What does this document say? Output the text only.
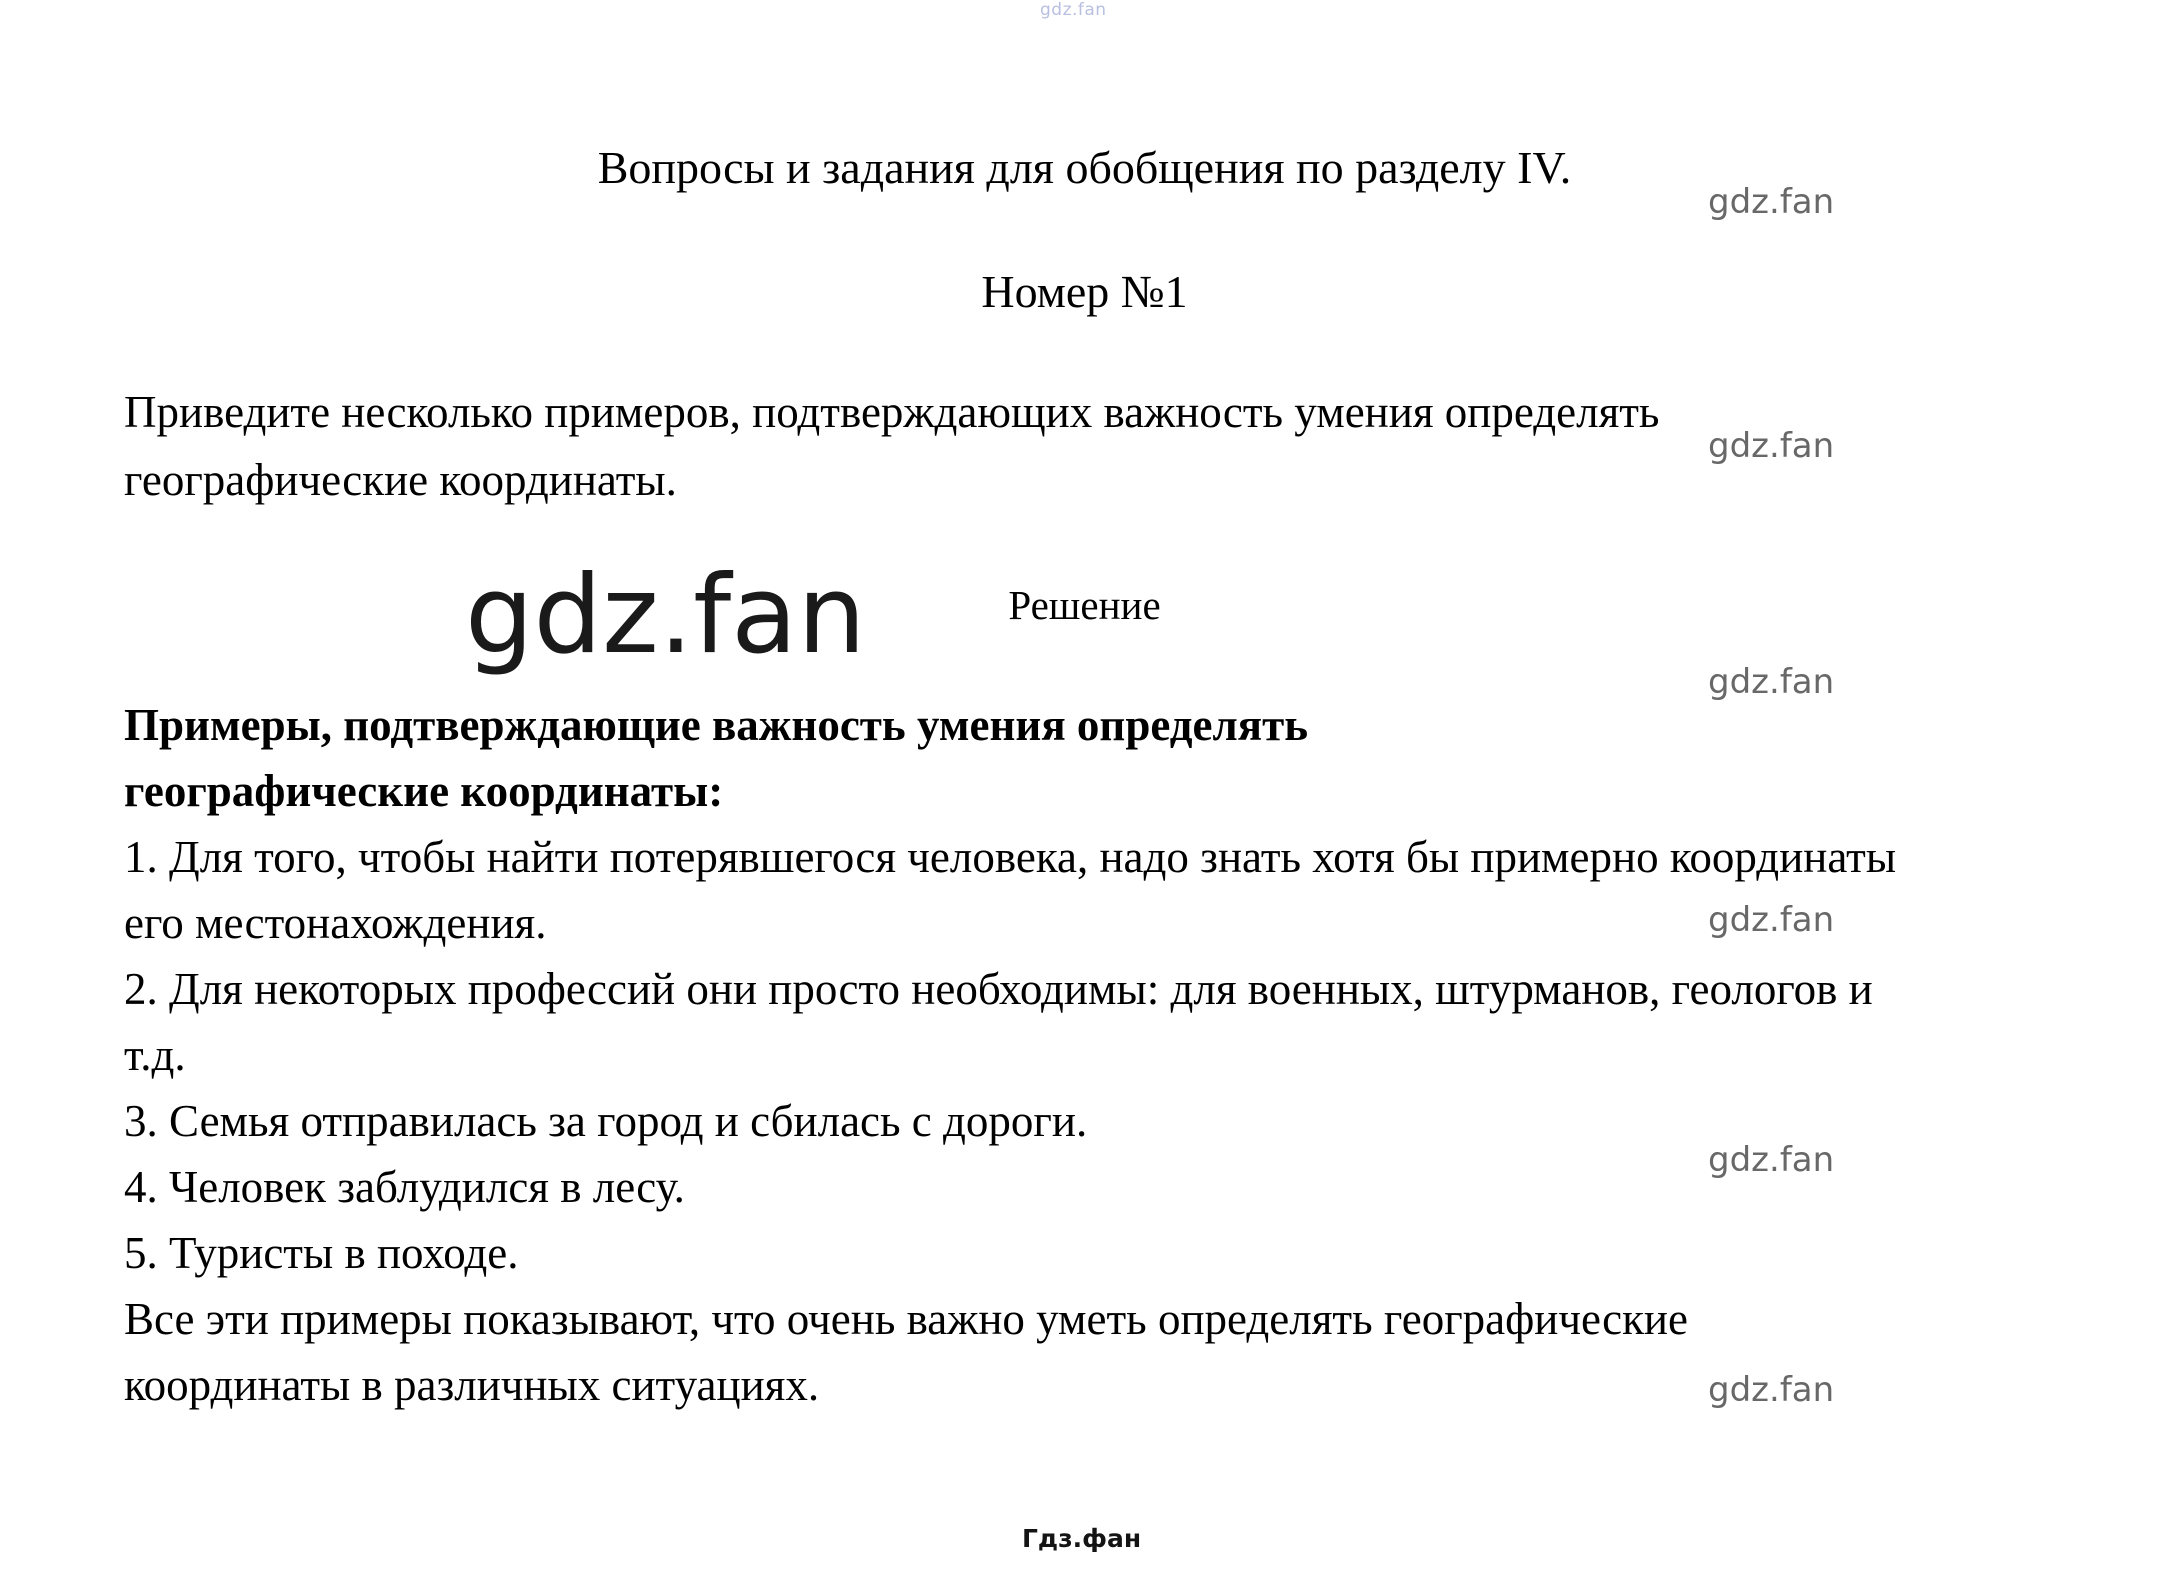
gdz.fan
Вопросы и задания для обобщения по разделу IV.
Номер №1
Приведите несколько примеров, подтверждающих важность умения определять географические координаты.
gdz.fan
gdz.fan
Решение
gdz.fan
gdz.fan
Примеры, подтверждающие важность умения определять
географические координаты:
1. Для того, чтобы найти потерявшегося человека, надо знать хотя бы примерно координаты его местонахождения.
2. Для некоторых профессий они просто необходимы: для военных, штурманов, геологов и т.д.
3. Семья отправилась за город и сбилась с дороги.
4. Человек заблудился в лесу.
5. Туристы в походе.
Все эти примеры показывают, что очень важно уметь определять географические координаты в различных ситуациях.
gdz.fan
gdz.fan
gdz.fan
Гдз.фан
